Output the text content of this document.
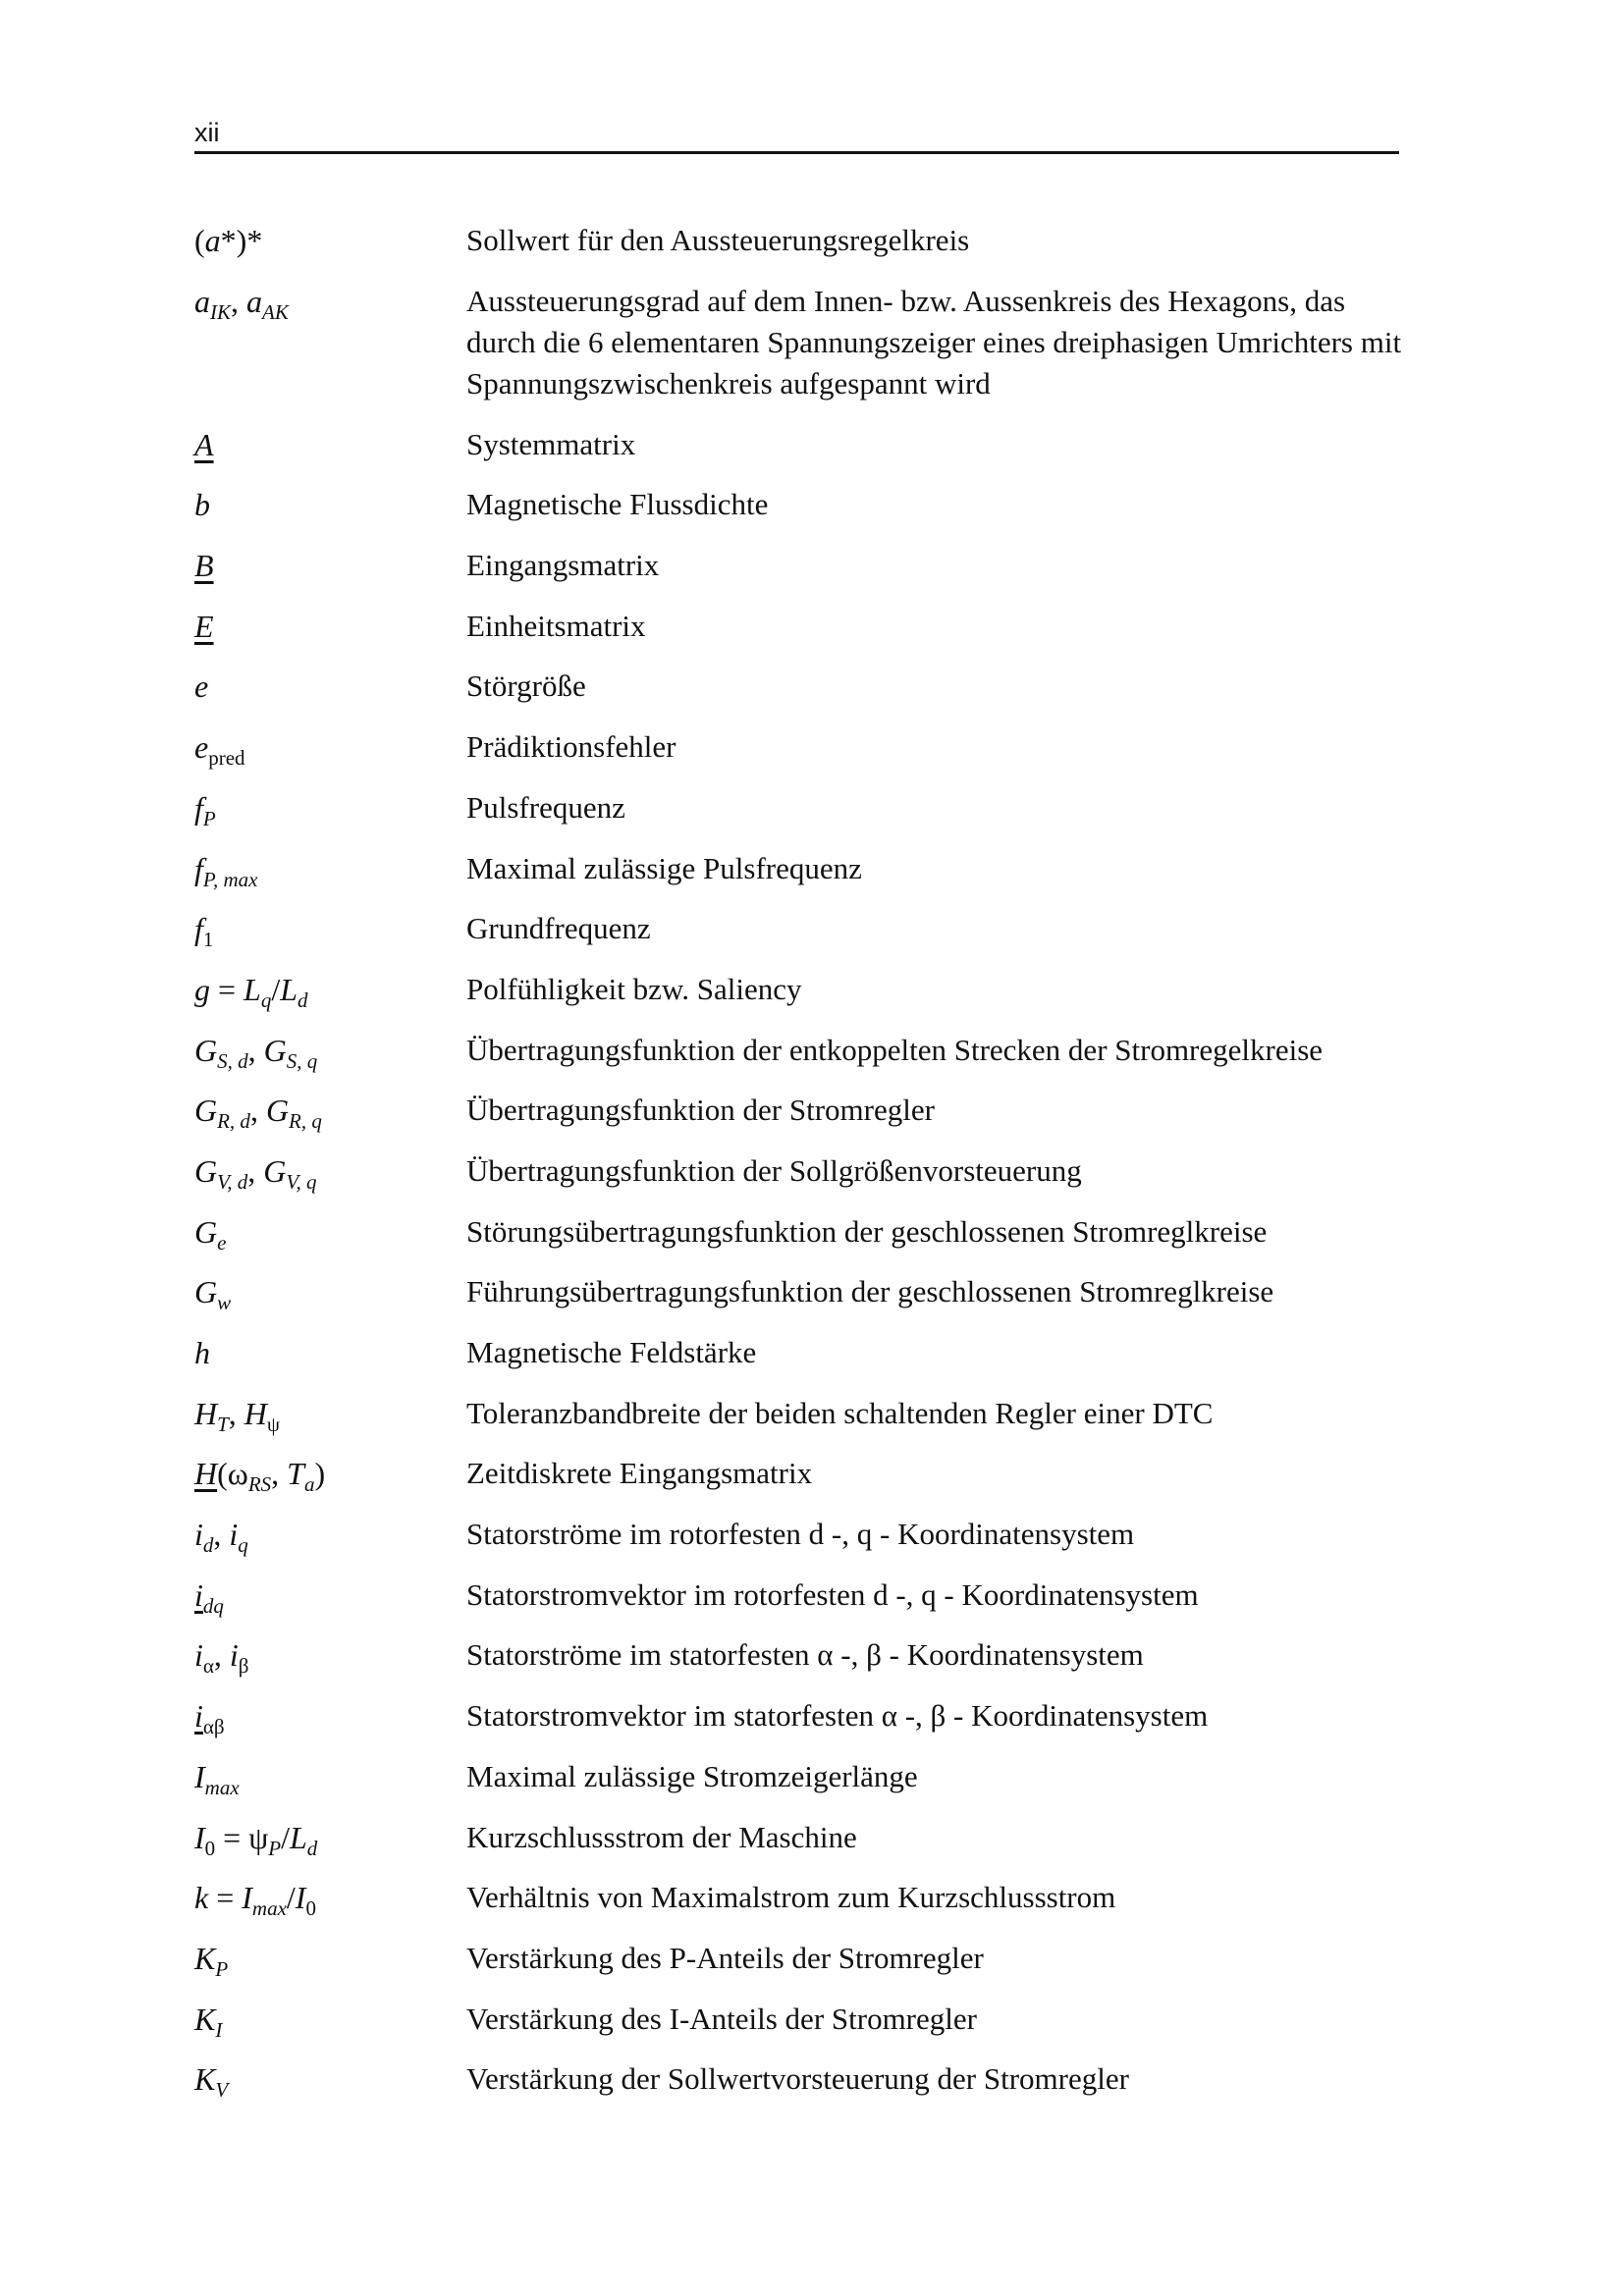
xii
(a*)*	Sollwert für den Aussteuerungsregelkreis
$a_{IK}$, $a_{AK}$	Aussteuerungsgrad auf dem Innen- bzw. Aussenkreis des Hexagons, das durch die 6 elementaren Spannungszeiger eines dreiphasigen Umrichters mit Spannungszwischenkreis aufgespannt wird
A	Systemmatrix
b	Magnetische Flussdichte
B	Eingangsmatrix
E	Einheitsmatrix
e	Störgröße
$e_{pred}$	Prädiktionsfehler
$f_P$	Pulsfrequenz
$f_{P, max}$	Maximal zulässige Pulsfrequenz
$f_1$	Grundfrequenz
$g = L_q/L_d$	Polfühligkeit bzw. Saliency
$G_{S, d}$, $G_{S, q}$	Übertragungsfunktion der entkoppelten Strecken der Stromregelkreise
$G_{R, d}$, $G_{R, q}$	Übertragungsfunktion der Stromregler
$G_{V, d}$, $G_{V, q}$	Übertragungsfunktion der Sollgrößenvorsteuerung
$G_e$	Störungsübertragungsfunktion der geschlossenen Stromreglkreise
$G_w$	Führungsübertragungsfunktion der geschlossenen Stromreglkreise
h	Magnetische Feldstärke
$H_T$, $H_\psi$	Toleranzbandbreite der beiden schaltenden Regler einer DTC
$H(\omega_{RS}$, $T_a$)	Zeitdiskrete Eingangsmatrix
$i_d$, $i_q$	Statorströme im rotorfesten d -, q - Koordinatensystem
$i_{dq}$	Statorstromvektor im rotorfesten d -, q - Koordinatensystem
$i_\alpha$, $i_\beta$	Statorströme im statorfesten α -, β - Koordinatensystem
$i_{\alpha\beta}$	Statorstromvektor im statorfesten α -, β - Koordinatensystem
$I_{max}$	Maximal zulässige Stromzeigerlänge
$I_0 = \psi_P/L_d$	Kurzschlussstrom der Maschine
$k = I_{max}/I_0$	Verhältnis von Maximalstrom zum Kurzschlussstrom
$K_P$	Verstärkung des P-Anteils der Stromregler
$K_I$	Verstärkung des I-Anteils der Stromregler
$K_V$	Verstärkung der Sollwertvorsteuerung der Stromregler
